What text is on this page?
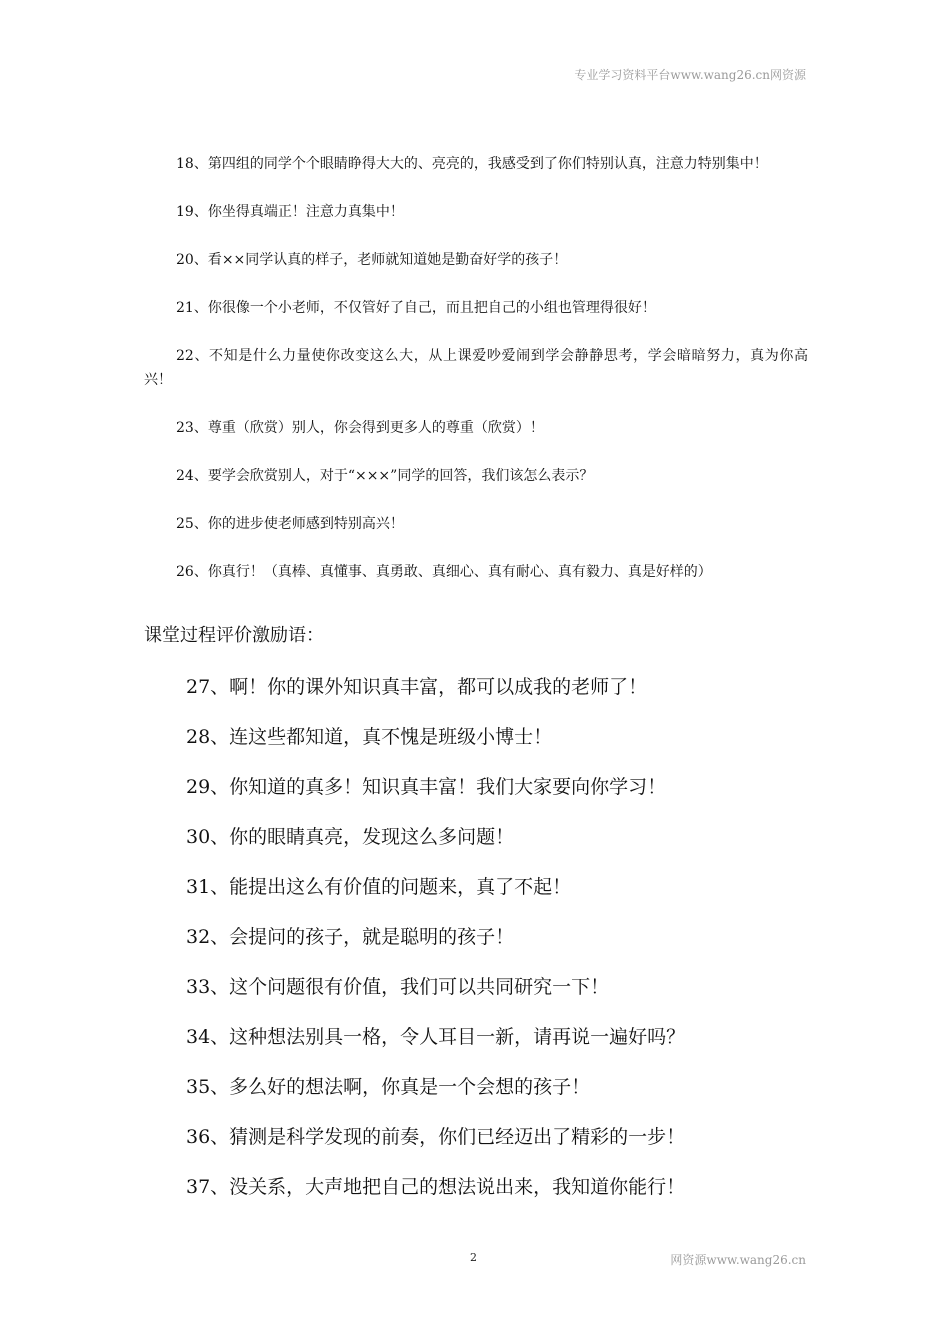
专业学习资料平台www.wang26.cn网资源

18、第四组的同学个个眼睛睁得大大的、亮亮的，我感受到了你们特别认真，注意力特别集中！

19、你坐得真端正！注意力真集中！

20、看××同学认真的样子，老师就知道她是勤奋好学的孩子！

21、你很像一个小老师，不仅管好了自己，而且把自己的小组也管理得很好！

22、不知是什么力量使你改变这么大，从上课爱吵爱闹到学会静静思考，学会暗暗努力，真为你高兴！

23、尊重（欣赏）别人，你会得到更多人的尊重（欣赏）！

24、要学会欣赏别人，对于“×××”同学的回答，我们该怎么表示？

25、你的进步使老师感到特别高兴！

26、你真行！（真棒、真懂事、真勇敢、真细心、真有耐心、真有毅力、真是好样的）

课堂过程评价激励语：
27、啊！你的课外知识真丰富，都可以成我的老师了！
28、连这些都知道，真不愧是班级小博士！
29、你知道的真多！知识真丰富！我们大家要向你学习！
30、你的眼睛真亮，发现这么多问题！
31、能提出这么有价值的问题来，真了不起！
32、会提问的孩子，就是聪明的孩子！
33、这个问题很有价值，我们可以共同研究一下！
34、这种想法别具一格，令人耳目一新，请再说一遍好吗？
35、多么好的想法啊，你真是一个会想的孩子！
36、猜测是科学发现的前奏，你们已经迈出了精彩的一步！
37、没关系，大声地把自己的想法说出来，我知道你能行！
2	网资源www.wang26.cn
